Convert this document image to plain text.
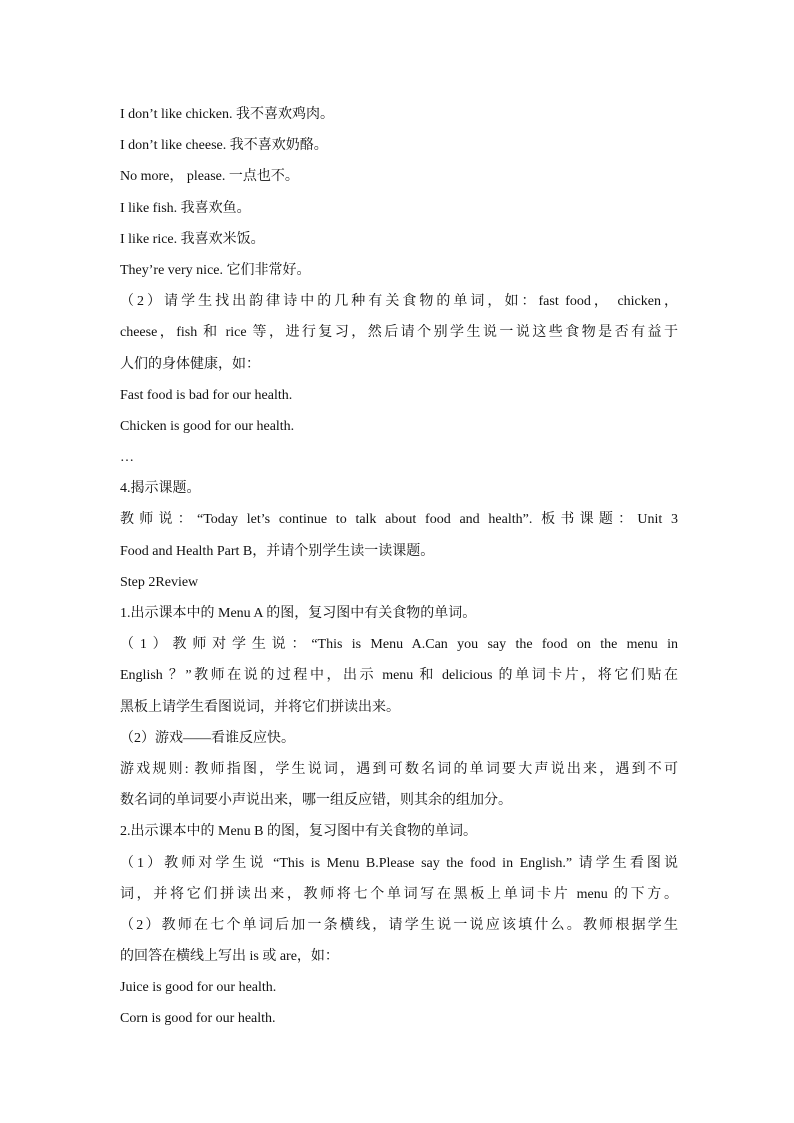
I don’t like chicken. 我不喜欢鸡肉。
I don’t like cheese. 我不喜欢奶酪。
No more， please. 一点也不。
I like fish. 我喜欢鱼。
I like rice. 我喜欢米饭。
They’re very nice. 它们非常好。
（2）请学生找出韵律诗中的几种有关食物的单词，如：fast food， chicken，
cheese，fish 和 rice 等，进行复习，然后请个别学生说一说这些食物是否有益于
人们的身体健康，如：
Fast food is bad for our health.
Chicken is good for our health.
…
4.揭示课题。
教师说：“Today let’s continue to talk about food and health”. 板书课题：Unit 3
Food and Health Part B，并请个别学生读一读课题。
Step 2Review
1.出示课本中的 Menu A 的图，复习图中有关食物的单词。
（1）教师对学生说：“This is Menu A.Can you say the food on the menu in
English ？”教师在说的过程中，出示 menu 和 delicious 的单词卡片，将它们贴在
黑板上请学生看图说词，并将它们拼读出来。
（2）游戏——看谁反应快。
游戏规则: 教师指图，学生说词，遇到可数名词的单词要大声说出来，遇到不可
数名词的单词要小声说出来，哪一组反应错，则其余的组加分。
2.出示课本中的 Menu B 的图，复习图中有关食物的单词。
（1）教师对学生说 “This is Menu B.Please say the food in English.” 请学生看图说
词，并将它们拼读出来，教师将七个单词写在黑板上单词卡片 menu 的下方。
（2）教师在七个单词后加一条横线，请学生说一说应该填什么。教师根据学生
的回答在横线上写出 is 或 are，如：
Juice is good for our health.
Corn is good for our health.
